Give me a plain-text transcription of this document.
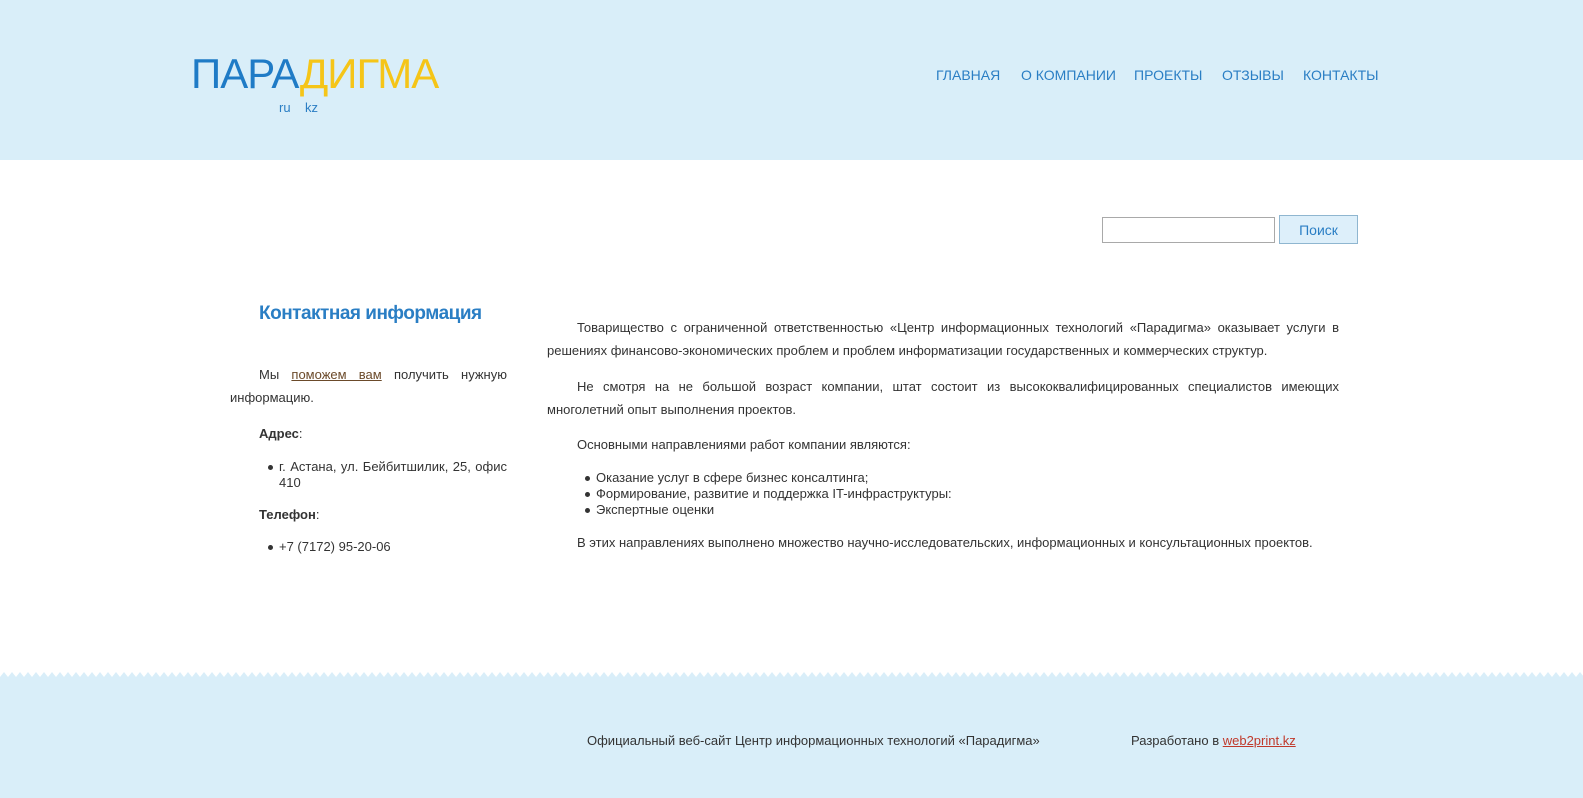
ПАРАДИГМА
ru kz
ГЛАВНАЯ О КОМПАНИИ ПРОЕКТЫ ОТЗЫВЫ КОНТАКТЫ
Поиск
Контактная информация
Мы поможем вам получить нужную информацию.
Адрес:
г. Астана, ул. Бейбитшилик, 25, офис 410
Телефон:
+7 (7172) 95-20-06
Товарищество с ограниченной ответственностью «Центр информационных технологий «Парадигма» оказывает услуги в решениях финансово-экономических проблем и проблем информатизации государственных и коммерческих структур.
Не смотря на не большой возраст компании, штат состоит из высококвалифицированных специалистов имеющих многолетний опыт выполнения проектов.
Основными направлениями работ компании являются:
Оказание услуг в сфере бизнес консалтинга;
Формирование, развитие и поддержка IT-инфраструктуры:
Экспертные оценки
В этих направлениях выполнено множество научно-исследовательских, информационных и консультационных проектов.
Официальный веб-сайт Центр информационных технологий «Парадигма»	Разработано в web2print.kz
